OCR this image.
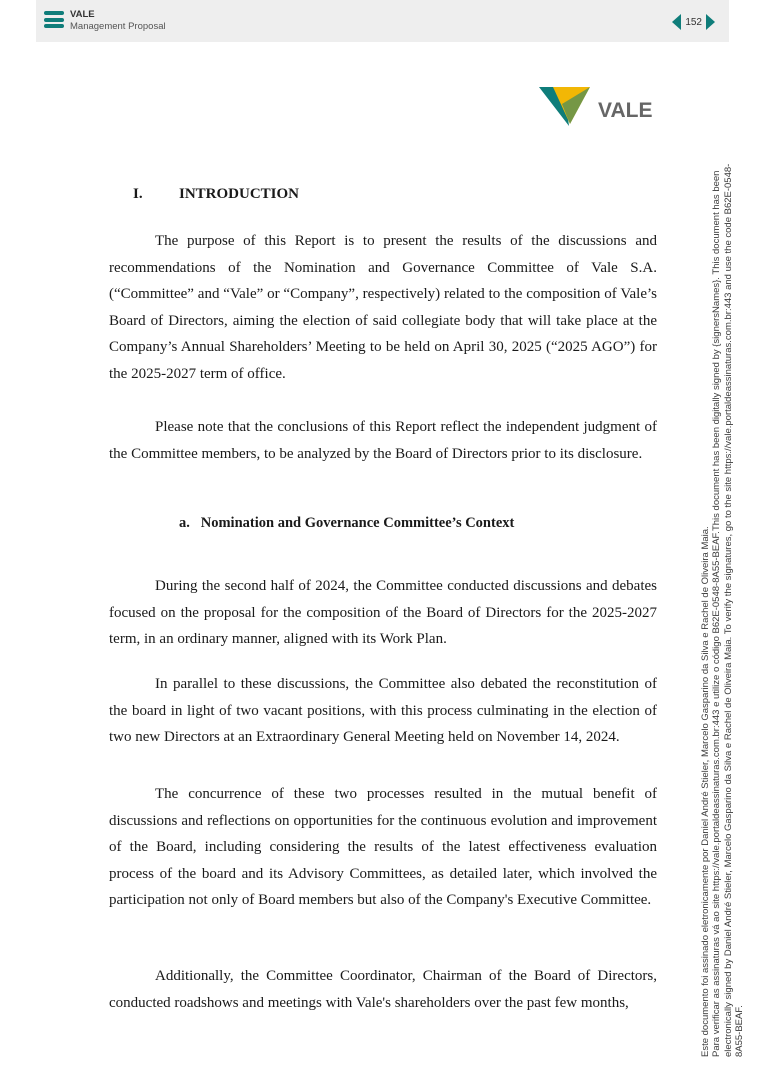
VALE
Management Proposal	152
VALE
I. INTRODUCTION

The purpose of this Report is to present the results of the discussions and recommendations of the Nomination and Governance Committee of Vale S.A. (“Committee” and “Vale” or “Company”, respectively) related to the composition of Vale’s Board of Directors, aiming the election of said collegiate body that will take place at the Company’s Annual Shareholders’ Meeting to be held on April 30, 2025 (“2025 AGO”) for the 2025-2027 term of office.

Please note that the conclusions of this Report reflect the independent judgment of the Committee members, to be analyzed by the Board of Directors prior to its disclosure.

a.   Nomination and Governance Committee’s Context

During the second half of 2024, the Committee conducted discussions and debates focused on the proposal for the composition of the Board of Directors for the 2025-2027 term, in an ordinary manner, aligned with its Work Plan.

In parallel to these discussions, the Committee also debated the reconstitution of the board in light of two vacant positions, with this process culminating in the election of two new Directors at an Extraordinary General Meeting held on November 14, 2024.

The concurrence of these two processes resulted in the mutual benefit of discussions and reflections on opportunities for the continuous evolution and improvement of the Board, including considering the results of the latest effectiveness evaluation process of the board and its Advisory Committees, as detailed later, which involved the participation not only of Board members but also of the Company's Executive Committee.

Additionally, the Committee Coordinator, Chairman of the Board of Directors, conducted roadshows and meetings with Vale's shareholders over the past few months,	Este documento foi assinado eletronicamente por Daniel André Stieler, Marcelo Gasparino da Silva e Rachel de Oliveira Maia. Para verificar as assinaturas vá ao site https://vale.portaldeassinaturas.com.br:443 e utilize o código B62E-0548-8A55-BEAF.This document has been digitally signed by {signersNames}. This document has been electronically signed by Daniel André Stieler, Marcelo Gasparino da Silva e Rachel de Oliveira Maia. To verify the signatures, go to the site https://vale.portaldeassinaturas.com.br:443 and use the code B62E-0548- 8A55-BEAF.
